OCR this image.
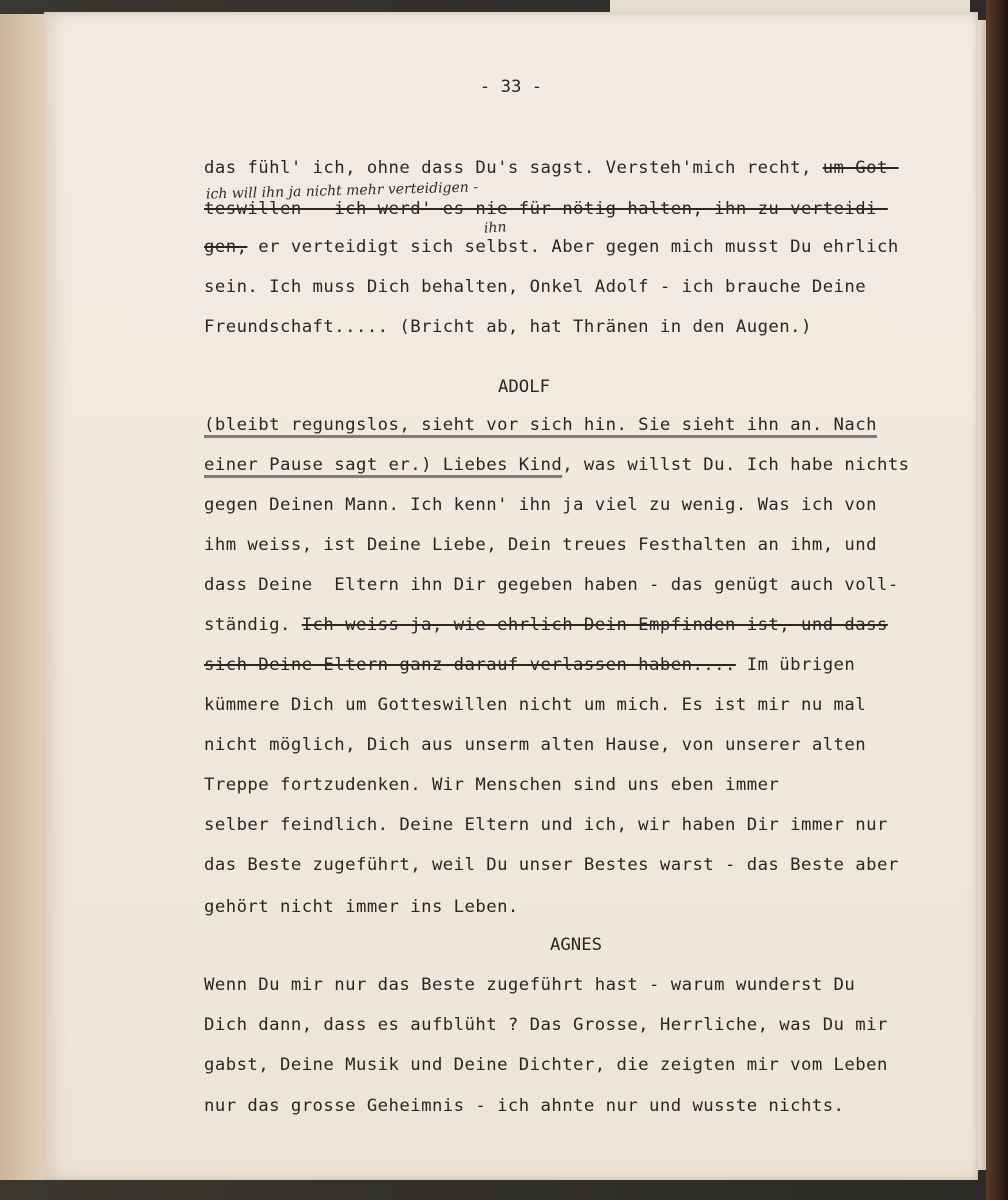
- 33 -
das fühl' ich, ohne dass Du's sagst. Versteh'mich recht, um Got-
ich will ihn ja nicht mehr verteidigen -
teswillen - ich werd' es nie für nötig halten, ihn zu verteidi-
ihn
gen, er verteidigt sich selbst. Aber gegen mich musst Du ehrlich
sein. Ich muss Dich behalten, Onkel Adolf - ich brauche Deine
Freundschaft..... (Bricht ab, hat Thränen in den Augen.)
ADOLF
(bleibt regungslos, sieht vor sich hin. Sie sieht ihn an. Nach
einer Pause sagt er.) Liebes Kind, was willst Du. Ich habe nichts
gegen Deinen Mann. Ich kenn' ihn ja viel zu wenig. Was ich von
ihm weiss, ist Deine Liebe, Dein treues Festhalten an ihm, und
dass Deine  Eltern ihn Dir gegeben haben - das genügt auch voll-
ständig. Ich weiss ja, wie ehrlich Dein Empfinden ist, und dass
sich Deine Eltern ganz darauf verlassen haben.... Im übrigen
kümmere Dich um Gotteswillen nicht um mich. Es ist mir nu mal
nicht möglich, Dich aus unserm alten Hause, von unserer alten
Treppe fortzudenken. Wir Menschen sind uns eben immer
selber feindlich. Deine Eltern und ich, wir haben Dir immer nur
das Beste zugeführt, weil Du unser Bestes warst - das Beste aber
gehört nicht immer ins Leben.
AGNES
Wenn Du mir nur das Beste zugeführt hast - warum wunderst Du
Dich dann, dass es aufblüht ? Das Grosse, Herrliche, was Du mir
gabst, Deine Musik und Deine Dichter, die zeigten mir vom Leben
nur das grosse Geheimnis - ich ahnte nur und wusste nichts.
